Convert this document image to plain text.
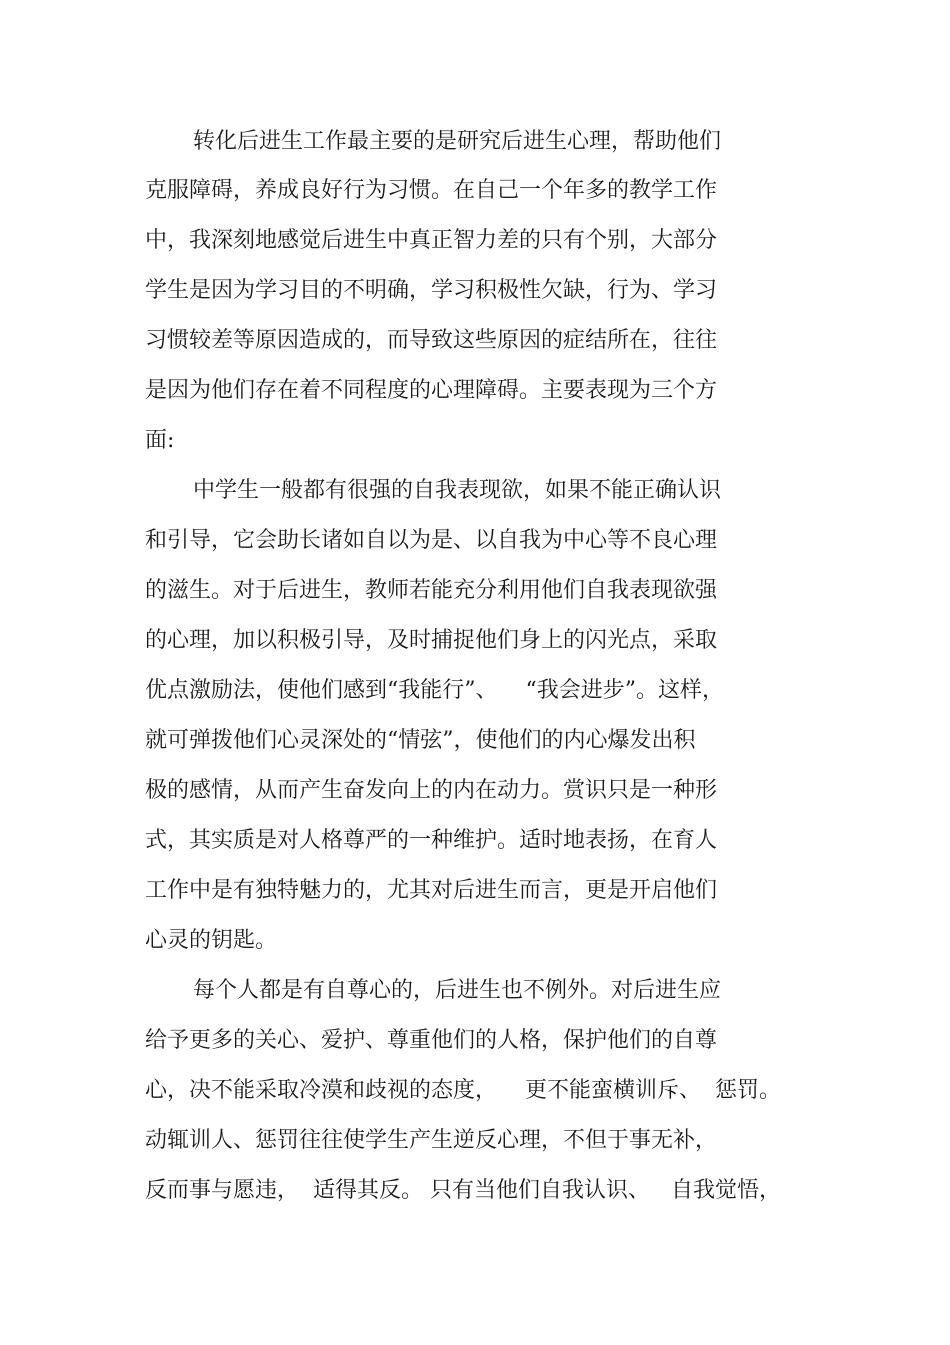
转化后进生工作最主要的是研究后进生心理，帮助他们
克服障碍，养成良好行为习惯。在自己一个年多的教学工作
中，我深刻地感觉后进生中真正智力差的只有个别，大部分
学生是因为学习目的不明确，学习积极性欠缺，行为、学习
习惯较差等原因造成的，而导致这些原因的症结所在，往往
是因为他们存在着不同程度的心理障碍。主要表现为三个方
面:
中学生一般都有很强的自我表现欲，如果不能正确认识
和引导，它会助长诸如自以为是、以自我为中心等不良心理
的滋生。对于后进生，教师若能充分利用他们自我表现欲强
的心理，加以积极引导，及时捕捉他们身上的闪光点，采取
优点激励法，使他们感到“我能行”、    “我会进步”。这样，
就可弹拨他们心灵深处的“情弦”，使他们的内心爆发出积
极的感情，从而产生奋发向上的内在动力。赏识只是一种形
式，其实质是对人格尊严的一种维护。适时地表扬，在育人
工作中是有独特魅力的，尤其对后进生而言，更是开启他们
心灵的钥匙。
每个人都是有自尊心的，后进生也不例外。对后进生应
给予更多的关心、爱护、尊重他们的人格，保护他们的自尊
心，决不能采取冷漠和歧视的态度，    更不能蛮横训斥、  惩罚。
动辄训人、惩罚往往使学生产生逆反心理，不但于事无补，
反而事与愿违，  适得其反。 只有当他们自我认识、   自我觉悟，
